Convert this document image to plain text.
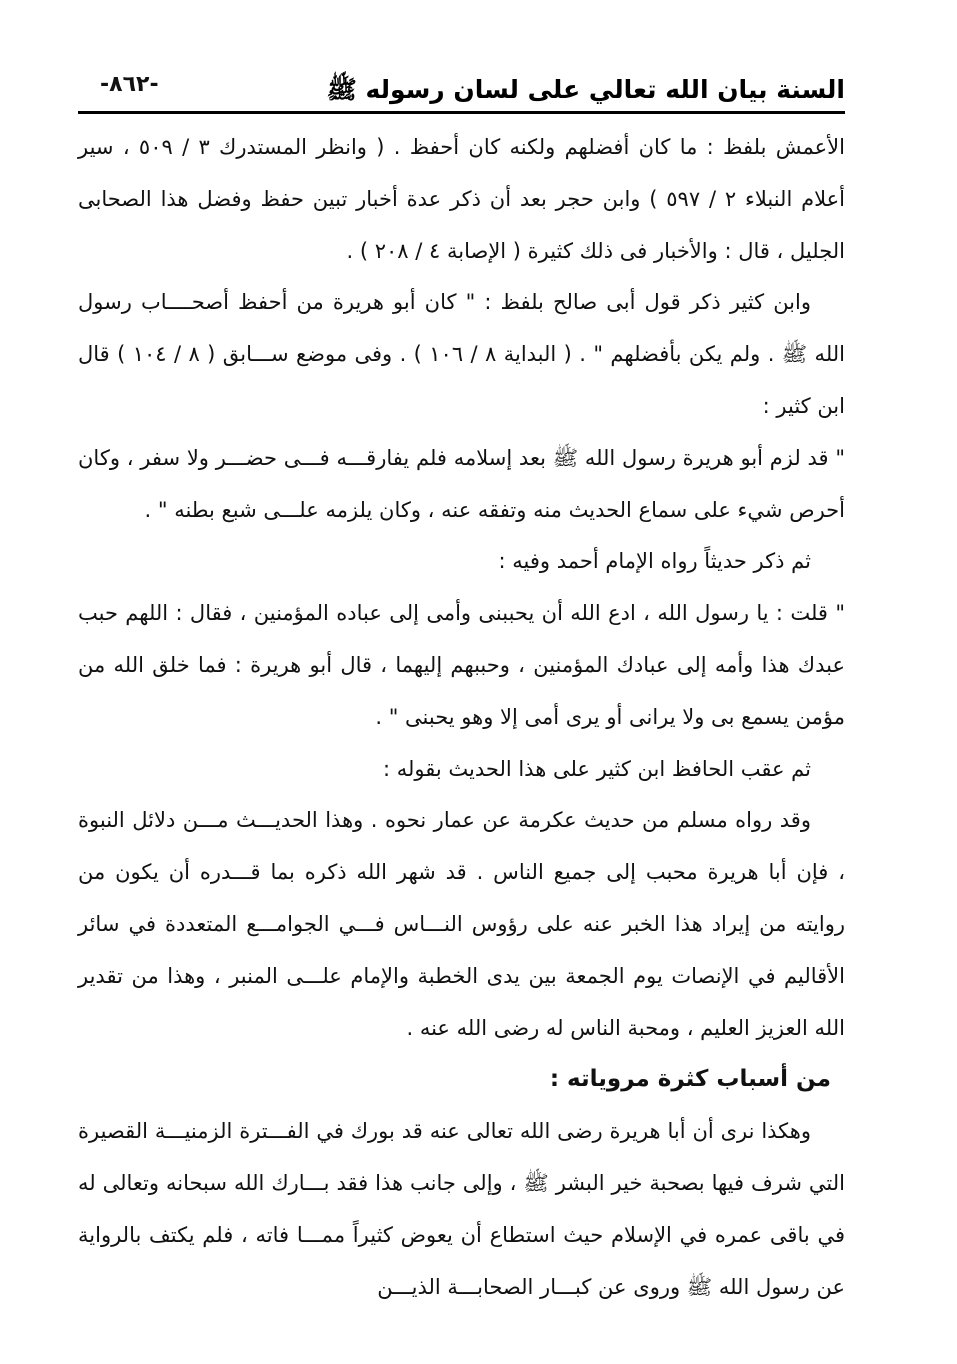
السنة بيان الله تعالي على لسان رسوله ﷺ
-٨٦٢-

الأعمش بلفظ : ما كان أفضلهم ولكنه كان أحفظ . ( وانظر المستدرك ٣ / ٥٠٩ ، سير أعلام النبلاء ٢ / ٥٩٧ ) وابن حجر بعد أن ذكر عدة أخبار تبين حفظ وفضل هذا الصحابى الجليل ، قال : والأخبار فى ذلك كثيرة ( الإصابة ٤ / ٢٠٨ ) .

وابن كثير ذكر قول أبى صالح بلفظ : " كان أبو هريرة من أحفظ أصحــــاب رسول الله ﷺ . ولم يكن بأفضلهم " . ( البداية ٨ / ١٠٦ ) . وفى موضع ســـابق ( ٨ / ١٠٤ ) قال ابن كثير :

" قد لزم أبو هريرة رسول الله ﷺ بعد إسلامه فلم يفارقـــه فـــى حضـــر ولا سفر ، وكان أحرص شيء على سماع الحديث منه وتفقه عنه ، وكان يلزمه علـــى شبع بطنه " .

ثم ذكر حديثاً رواه الإمام أحمد وفيه :

" قلت : يا رسول الله ، ادع الله أن يحببنى وأمى إلى عباده المؤمنين ، فقال : اللهم حبب عبدك هذا وأمه إلى عبادك المؤمنين ، وحببهم إليهما ، قال أبو هريرة : فما خلق الله من مؤمن يسمع بى ولا يرانى أو يرى أمى إلا وهو يحبنى " .

ثم عقب الحافظ ابن كثير على هذا الحديث بقوله :

وقد رواه مسلم من حديث عكرمة عن عمار نحوه . وهذا الحديـــث مـــن دلائل النبوة ، فإن أبا هريرة محبب إلى جميع الناس . قد شهر الله ذكره بما قـــدره أن يكون من روايته من إيراد هذا الخبر عنه على رؤوس النـــاس فـــي الجوامـــع المتعددة في سائر الأقاليم في الإنصات يوم الجمعة بين يدى الخطبة والإمام علـــى المنبر ، وهذا من تقدير الله العزيز العليم ، ومحبة الناس له رضى الله عنه .

من أسباب كثرة مروياته :

وهكذا نرى أن أبا هريرة رضى الله تعالى عنه قد بورك في الفـــترة الزمنيـــة القصيرة التي شرف فيها بصحبة خير البشر ﷺ ، وإلى جانب هذا فقد بـــارك الله سبحانه وتعالى له في باقى عمره في الإسلام حيث استطاع أن يعوض كثيراً ممـــا فاته ، فلم يكتف بالرواية عن رسول الله ﷺ وروى عن كبـــار الصحابـــة الذيـــن
